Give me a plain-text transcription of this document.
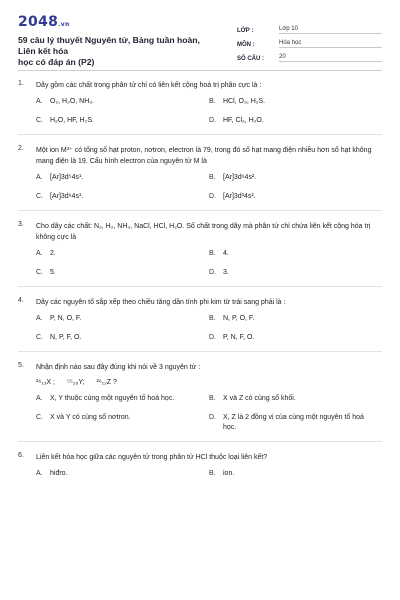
2048.vn
59 câu lý thuyết Nguyên tử, Bảng tuần hoàn, Liên kết hóa
học có đáp án (P2)
LỚP :	Lớp 10
MÔN :	Hóa học
SỐ CÂU :	20
1.	Dãy gồm các chất trong phân tử chỉ có liên kết cộng hoá trị phân cực là :
A.	O₂, H₂O, NH₃.	B.	HCl, O₃, H₂S.
C.	H₂O, HF, H₂S.	D.	HF, Cl₂, H₂O.
2.	Một ion M³⁺ có tổng số hạt proton, nơtron, electron là 79, trong đó số hạt mang điện nhiều hơn số hạt không mang điện là 19. Cấu hình electron của nguyên tử M là
A.	[Ar]3d⁵4s¹.	B.	[Ar]3d⁶4s².
C.	[Ar]3d⁶4s¹.	D.	[Ar]3d³4s².
3.	Cho dãy các chất: N₂, H₂, NH₃, NaCl, HCl, H₂O. Số chất trong dãy mà phân tử chỉ chứa liên kết cộng hóa trị không cực là
A.	2.	B.	4.
C.	5.	D.	3.
4.	Dãy các nguyên tố sắp xếp theo chiều tăng dần tính phi kim từ trái sang phải là :
A.	P, N, O, F.	B.	N, P, O, F.
C.	N, P, F, O.	D.	P, N, F, O.
5.	Nhận định nào sau đây đúng khi nói về 3 nguyên tử :
²⁶₁₃X ; ⁵⁵₂₆Y; ²⁶₁₂Z ?
A.	X, Y thuộc cùng một nguyên tố hoá học.	B.	X và Z có cùng số khối.
C.	X và Y có cùng số nơtron.	D.	X, Z là 2 đồng vị của cùng một nguyên tố hoá học.
6.	Liên kết hóa học giữa các nguyên tử trong phân tử HCl thuộc loại liên kết?
A.	hiđro.	B.	ion.
